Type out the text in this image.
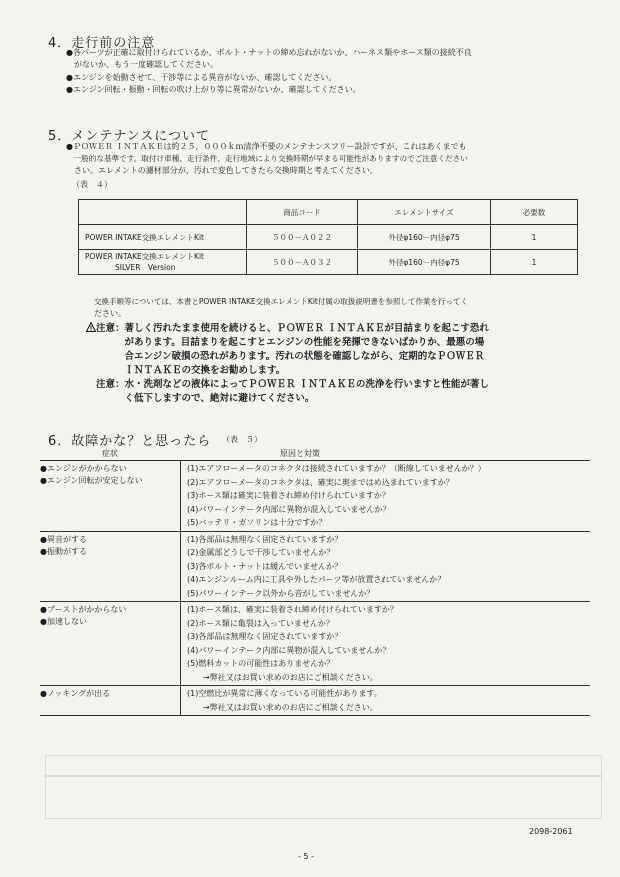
4．走行前の注意
●各パーツが正確に取付けられているか、ボルト・ナットの締め忘れがないか、ハーネス類やホース類の接続不良
　がないか、もう一度確認してください。
●エンジンを始動させて、干渉等による異音がないか、確認してください。
●エンジン回転・振動・回転の吹け上がり等に異常がないか、確認してください。
5．メンテナンスについて
●ＰＯＷＥＲ ＩＮＴＡＫＥは約２５，０００ｋｍ清浄不要のメンテナンスフリー設計ですが、これはあくまでも
　一般的な基準です。取付け車種、走行条件、走行地域により交換時期が早まる可能性がありますのでご注意ください
　さい。エレメントの濾材部分が、汚れで変色してきたら交換時期と考えてください。
（表　４）
	商品コード	エレメントサイズ	必要数
POWER INTAKE交換エレメントKit	５００－Ａ０２２	外径φ160－内径φ75	1

POWER INTAKE交換エレメントKit
SILVER　Version	５００－Ａ０３２	外径φ160－内径φ75	1
交換手順等については、本書とPOWER INTAKE交換エレメントKit付属の取扱説明書を参照して作業を行ってく
ださい。
注意： 著しく汚れたまま使用を続けると、ＰＯＷＥＲ ＩＮＴＡＫＥが目詰まりを起こす恐れ
があります。目詰まりを起こすとエンジンの性能を発揮できないばかりか、最悪の場
合エンジン破損の恐れがあります。汚れの状態を確認しながら、定期的なＰＯＷＥＲ
ＩＮＴＡＫＥの交換をお勧めします。
注意： 水・洗剤などの液体によってＰＯＷＥＲ ＩＮＴＡＫＥの洗浄を行いますと性能が著し
く低下しますので、絶対に避けてください。
6．故障かな？と思ったら （表　５）
症状	原因と対策
●エンジンがかからない
●エンジン回転が安定しない
(1)エアフローメータのコネクタは接続されていますか？（断線していませんか？）
(2)エアフローメータのコネクタは、確実に奥まではめ込まれていますか？
(3)ホース類は確実に装着され締め付けられていますか？
(4)パワーインテーク内部に異物が混入していませんか？
(5)バッテリ・ガソリンは十分ですか？
●異音がする
●振動がする
(1)各部品は無理なく固定されていますか？
(2)金属部どうしで干渉していませんか？
(3)各ボルト・ナットは緩んでいませんか？
(4)エンジンルーム内に工具や外したパーツ等が放置されていませんか？
(5)パワーインテーク以外から音がしていませんか？
●ブーストがかからない
●加速しない
(1)ホース類は、確実に装着され締め付けられていますか？
(2)ホース類に亀裂は入っていませんか？
(3)各部品は無理なく固定されていますか？
(4)パワーインテーク内部に異物が混入していませんか？
(5)燃料カットの可能性はありませんか？
　　→弊社又はお買い求めのお店にご相談ください。
●ノッキングが出る	(1)空燃比が異常に薄くなっている可能性があります。
　　→弊社又はお買い求めのお店にご相談ください。
2098-2061
- 5 -
